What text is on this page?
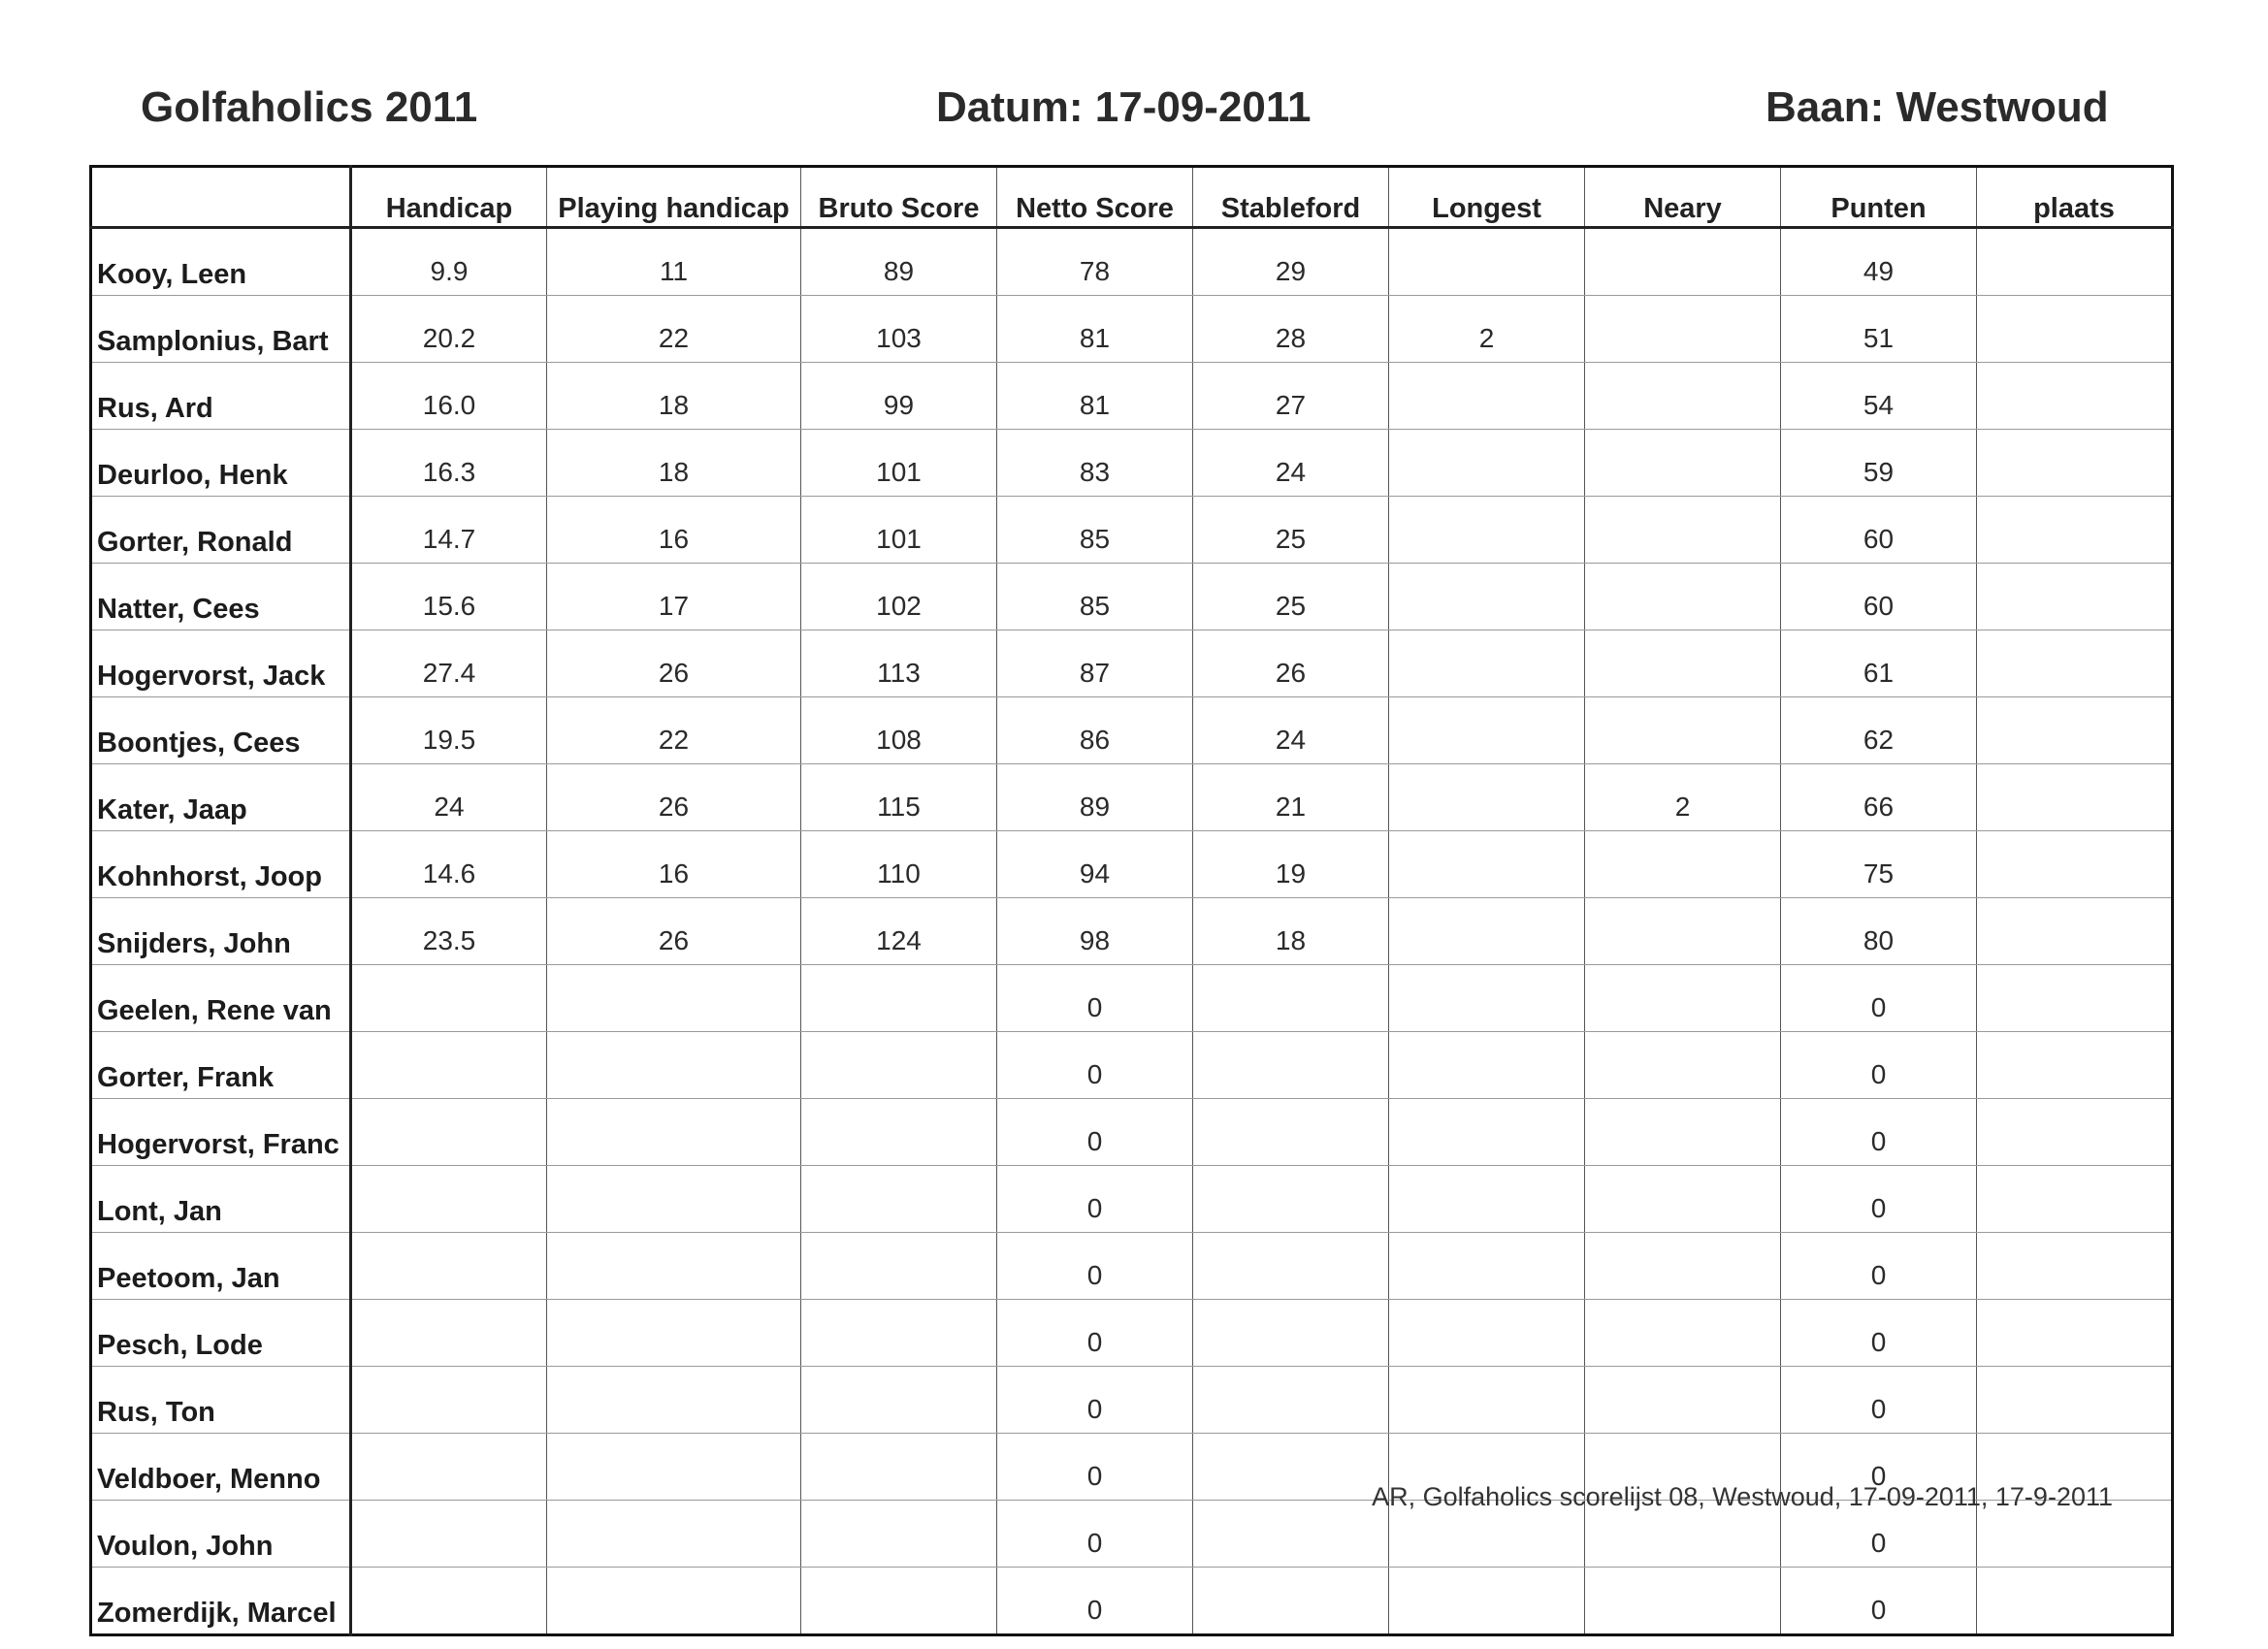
Golfaholics 2011	Datum: 17-09-2011	Baan: Westwoud
	Handicap	Playing handicap	Bruto Score	Netto Score	Stableford	Longest	Neary	Punten	plaats
Kooy, Leen	9.9	11	89	78	29			49	
Samplonius, Bart	20.2	22	103	81	28	2		51	
Rus, Ard	16.0	18	99	81	27			54	
Deurloo, Henk	16.3	18	101	83	24			59	
Gorter, Ronald	14.7	16	101	85	25			60	
Natter, Cees	15.6	17	102	85	25			60	
Hogervorst, Jack	27.4	26	113	87	26			61	
Boontjes, Cees	19.5	22	108	86	24			62	
Kater, Jaap	24	26	115	89	21		2	66	
Kohnhorst, Joop	14.6	16	110	94	19			75	
Snijders, John	23.5	26	124	98	18			80	
Geelen, Rene van				0				0	
Gorter, Frank				0				0	
Hogervorst, Franc				0				0	
Lont, Jan				0				0	
Peetoom, Jan				0				0	
Pesch, Lode				0				0	
Rus, Ton				0				0	
Veldboer, Menno				0				0	
Voulon, John				0				0	
Zomerdijk, Marcel				0				0	
AR, Golfaholics scorelijst 08, Westwoud, 17-09-2011, 17-9-2011
